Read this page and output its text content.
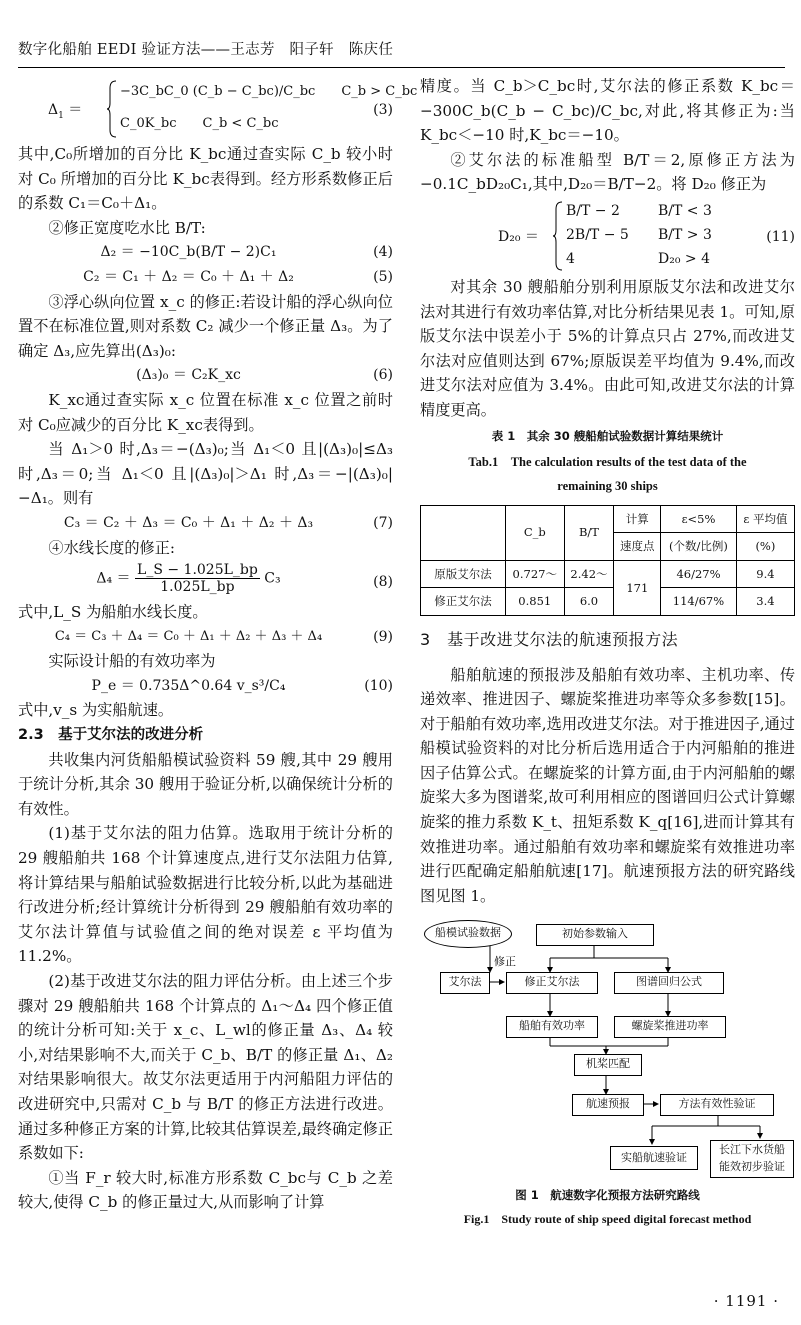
数字化船舶 EEDI 验证方法——王志芳　阳子轩　陈庆任
$\Delta_1$ ＝
−3C_bC_0 (C_b − C_bc)/C_bc　　C_b > C_bc
C_0K_bc　　C_b < C_bc
(3)

其中,C₀所增加的百分比 K_bc通过查实际 C_b 较小时对 C₀ 所增加的百分比 K_bc表得到。经方形系数修正后的系数 C₁＝C₀＋Δ₁。

②修正宽度吃水比 B/T:

Δ₂ ＝ −10C_b(B/T − 2)C₁	(4)
C₂ ＝ C₁ ＋ Δ₂ ＝ C₀ ＋ Δ₁ ＋ Δ₂	(5)

③浮心纵向位置 x_c 的修正:若设计船的浮心纵向位置不在标准位置,则对系数 C₂ 减少一个修正量 Δ₃。为了确定 Δ₃,应先算出(Δ₃)₀:

(Δ₃)₀ ＝ C₂K_xc	(6)

K_xc通过查实际 x_c 位置在标准 x_c 位置之前时对 C₀应减少的百分比 K_xc表得到。

当 Δ₁＞0 时,Δ₃＝−(Δ₃)₀;当 Δ₁＜0 且|(Δ₃)₀|≤Δ₃ 时,Δ₃＝0;当 Δ₁＜0 且|(Δ₃)₀|＞Δ₁ 时,Δ₃＝−|(Δ₃)₀|−Δ₁。则有

C₃ ＝ C₂ ＋ Δ₃ ＝ C₀ ＋ Δ₁ ＋ Δ₂ ＋ Δ₃	(7)

④水线长度的修正:

$\Delta_4 = \frac{L\_S - 1.025L\_bp}{1.025L\_bp} C_3$	(8)

式中,L_S 为船舶水线长度。

C₄ ＝ C₃ ＋ Δ₄ ＝ C₀ ＋ Δ₁ ＋ Δ₂ ＋ Δ₃ ＋ Δ₄	(9)

实际设计船的有效功率为

P_e ＝ 0.735Δ^0.64 v_s³/C₄	(10)

式中,v_s 为实船航速。

2.3　基于艾尔法的改进分析

共收集内河货船船模试验资料 59 艘,其中 29 艘用于统计分析,其余 30 艘用于验证分析,以确保统计分析的有效性。

(1)基于艾尔法的阻力估算。选取用于统计分析的 29 艘船舶共 168 个计算速度点,进行艾尔法阻力估算,将计算结果与船舶试验数据进行比较分析,以此为基础进行改进分析;经计算统计分析得到 29 艘船舶有效功率的艾尔法计算值与试验值之间的绝对误差 ε 平均值为 11.2%。

(2)基于改进艾尔法的阻力评估分析。由上述三个步骤对 29 艘船舶共 168 个计算点的 Δ₁～Δ₄ 四个修正值的统计分析可知:关于 x_c、L_wl的修正量 Δ₃、Δ₄ 较小,对结果影响不大,而关于 C_b、B/T 的修正量 Δ₁、Δ₂ 对结果影响很大。故艾尔法更适用于内河船阻力评估的改进研究中,只需对 C_b 与 B/T 的修正方法进行改进。通过多种修正方案的计算,比较其估算误差,最终确定修正系数如下:

①当 F_r 较大时,标准方形系数 C_bc与 C_b 之差较大,使得 C_b 的修正量过大,从而影响了计算

精度。当 C_b＞C_bc时,艾尔法的修正系数 K_bc＝−300C_b(C_b − C_bc)/C_bc,对此,将其修正为:当 K_bc＜−10 时,K_bc＝−10。

②艾尔法的标准船型 B/T＝2,原修正方法为−0.1C_bD₂₀C₁,其中,D₂₀＝B/T−2。将 D₂₀ 修正为

D₂₀ ＝
B/T − 2	B/T < 3
2B/T − 5 B/T > 3
4	D₂₀ > 4
(11)

对其余 30 艘船舶分别利用原版艾尔法和改进艾尔法对其进行有效功率估算,对比分析结果见表 1。可知,原版艾尔法中误差小于 5%的计算点只占 27%,而改进艾尔法对应值则达到 67%;原版误差平均值为 9.4%,而改进艾尔法对应值为 3.4%。由此可知,改进艾尔法的计算精度更高。

表 1　其余 30 艘船舶试验数据计算结果统计
Tab.1　The calculation results of the test data of the
remaining 30 ships
	C_b	B/T	计算	ε<5%	ε 平均值
			速度点	(个数/比例)	(%)
原版艾尔法	0.727～	2.42～	171	46/27%	9.4
修正艾尔法	0.851	6.0		114/67%	3.4
3　基于改进艾尔法的航速预报方法

船舶航速的预报涉及船舶有效功率、主机功率、传递效率、推进因子、螺旋桨推进功率等众多参数[15]。对于船舶有效功率,选用改进艾尔法。对于推进因子,通过船模试验资料的对比分析后选用适合于内河船舶的推进因子估算公式。在螺旋桨的计算方面,由于内河船舶的螺旋桨大多为图谱桨,故可利用相应的图谱回归公式计算螺旋桨的推力系数 K_t、扭矩系数 K_q[16],进而计算其有效推进功率。通过船舶有效功率和螺旋桨有效推进功率进行匹配确定船舶航速[17]。航速预报方法的研究路线图见图 1。

初始参数输入
船模试验数据
修正
艾尔法	修正艾尔法	图谱回归公式
船舶有效功率	螺旋桨推进功率
机桨匹配
航速预报	方法有效性验证
实船航速验证
长江下水货船
能效初步验证
图 1　航速数字化预报方法研究路线
Fig.1　Study route of ship speed digital forecast method
· 1191 ·
